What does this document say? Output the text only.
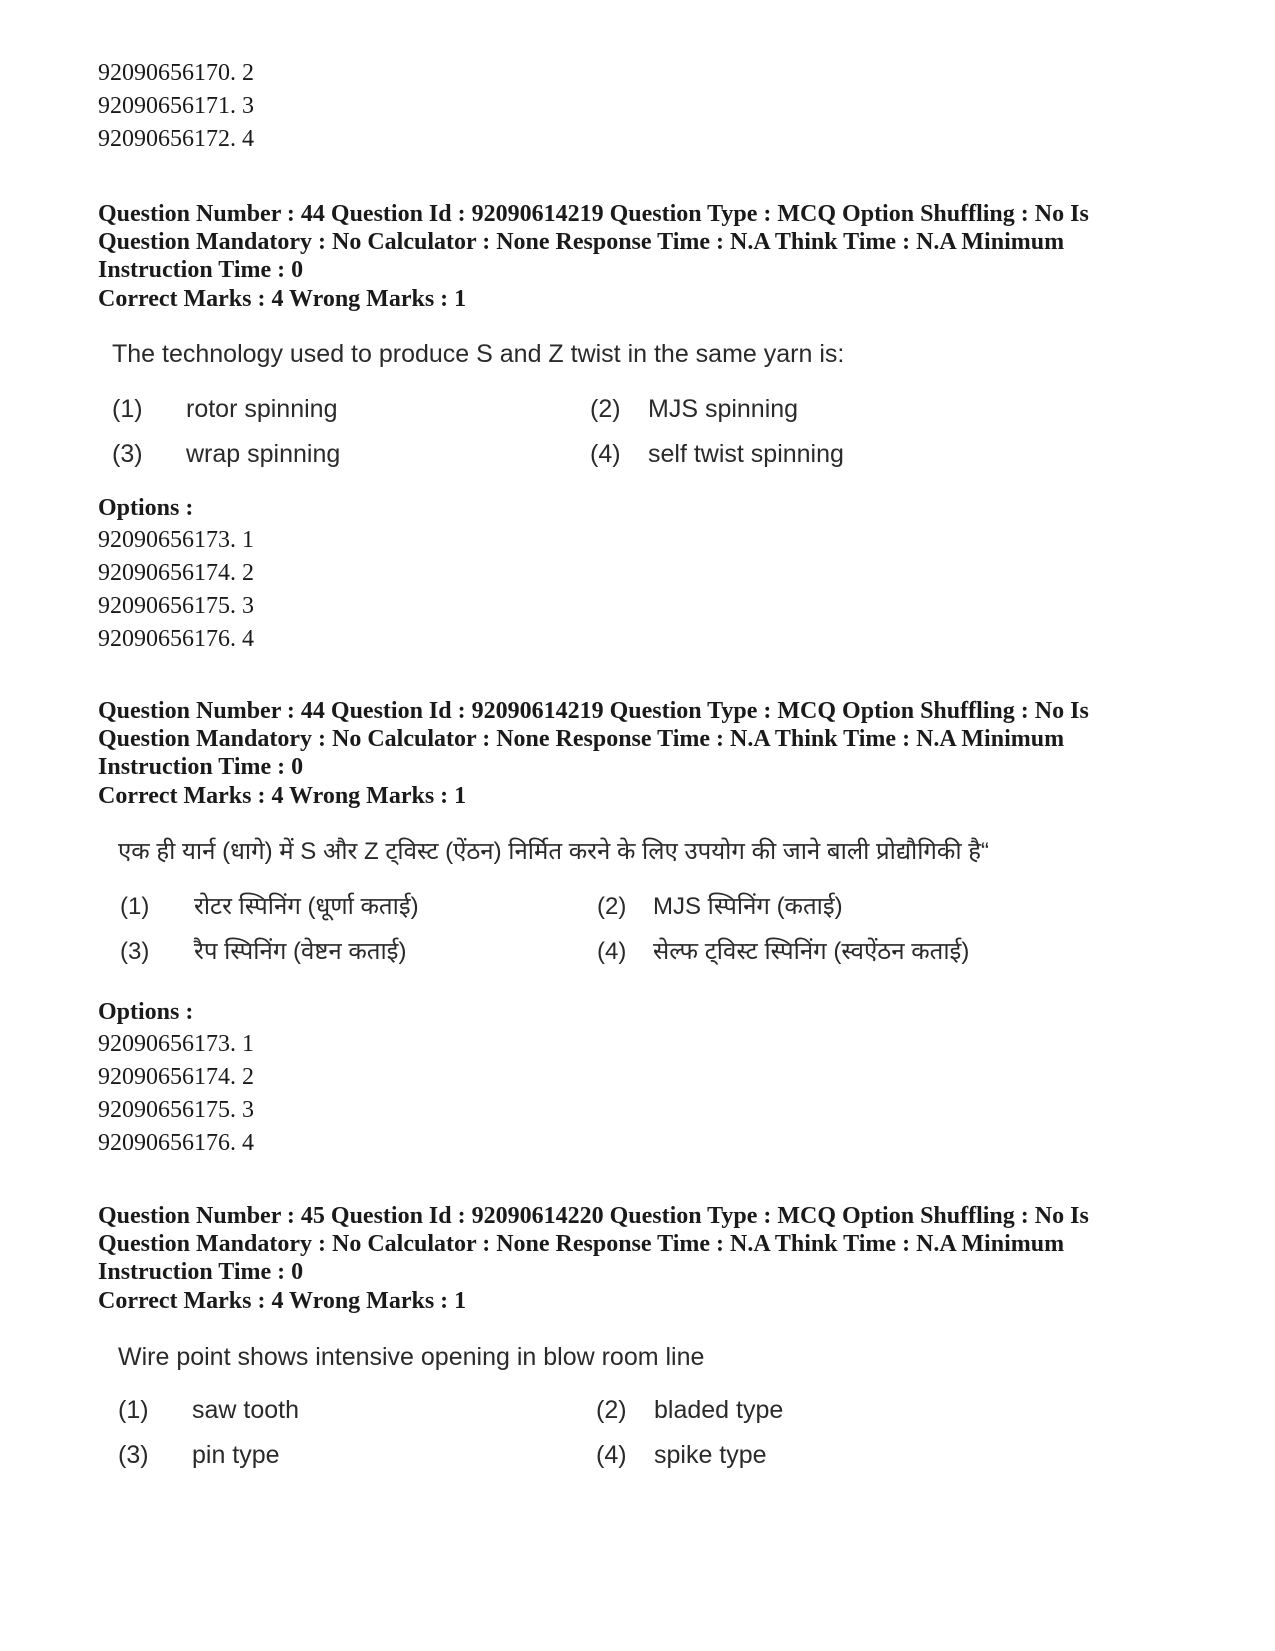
92090656170. 2
92090656171. 3
92090656172. 4
Question Number : 44 Question Id : 92090614219 Question Type : MCQ Option Shuffling : No Is Question Mandatory : No Calculator : None Response Time : N.A Think Time : N.A Minimum Instruction Time : 0
Correct Marks : 4 Wrong Marks : 1
The technology used to produce S and Z twist in the same yarn is:
(1) rotor spinning	(2) MJS spinning
(3) wrap spinning	(4) self twist spinning
Options :
92090656173. 1
92090656174. 2
92090656175. 3
92090656176. 4
Question Number : 44 Question Id : 92090614219 Question Type : MCQ Option Shuffling : No Is Question Mandatory : No Calculator : None Response Time : N.A Think Time : N.A Minimum Instruction Time : 0
Correct Marks : 4 Wrong Marks : 1
एक ही यार्न (धागे) में S और Z ट्विस्ट (ऐंठन) निर्मित करने के लिए उपयोग की जाने बाली प्रोद्यौगिकी है“
(1) रोटर स्पिनिंग (धूर्णा कताई)	(2) MJS स्पिनिंग (कताई)
(3) रैप स्पिनिंग (वेष्टन कताई)	(4) सेल्फ ट्विस्ट स्पिनिंग (स्वऐंठन कताई)
Options :
92090656173. 1
92090656174. 2
92090656175. 3
92090656176. 4
Question Number : 45 Question Id : 92090614220 Question Type : MCQ Option Shuffling : No Is Question Mandatory : No Calculator : None Response Time : N.A Think Time : N.A Minimum Instruction Time : 0
Correct Marks : 4 Wrong Marks : 1
Wire point shows intensive opening in blow room line
(1) saw tooth	(2) bladed type
(3) pin type	(4) spike type
